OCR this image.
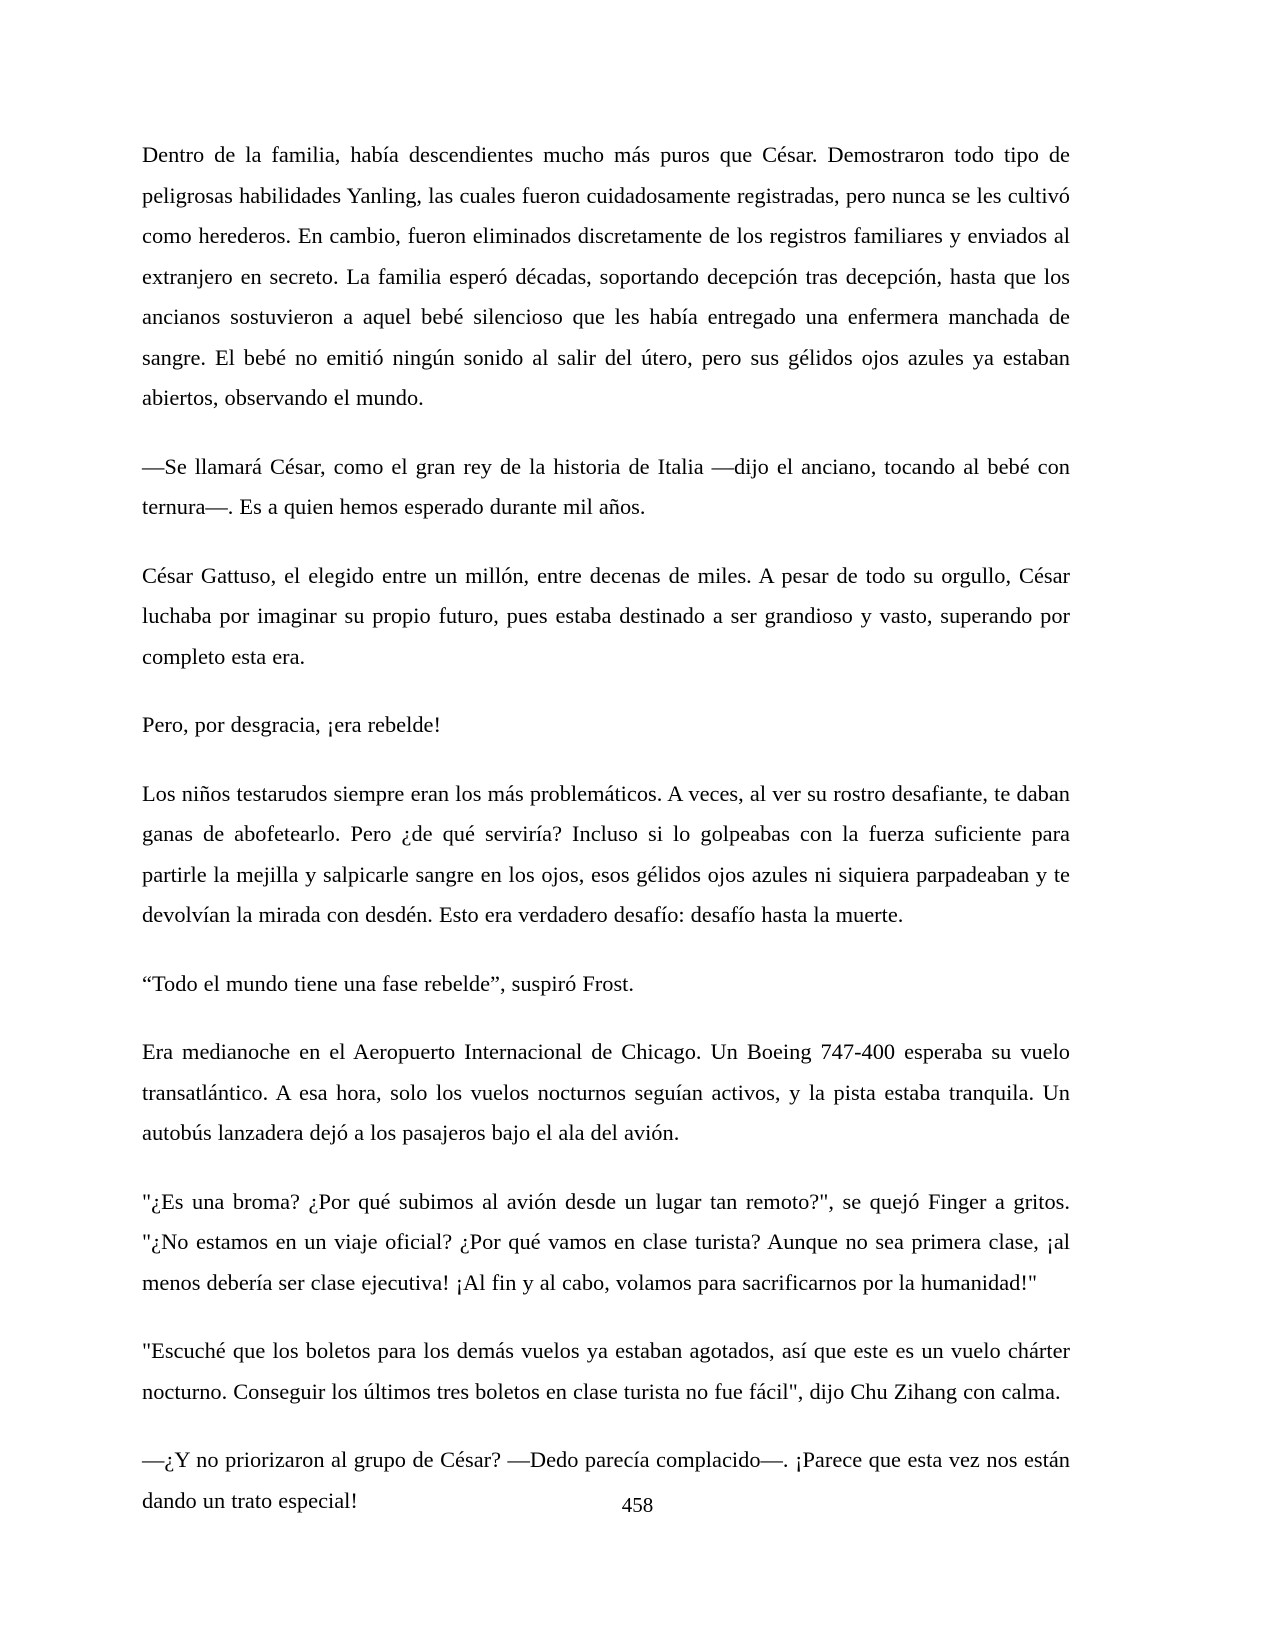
Dentro de la familia, había descendientes mucho más puros que César. Demostraron todo tipo de peligrosas habilidades Yanling, las cuales fueron cuidadosamente registradas, pero nunca se les cultivó como herederos. En cambio, fueron eliminados discretamente de los registros familiares y enviados al extranjero en secreto. La familia esperó décadas, soportando decepción tras decepción, hasta que los ancianos sostuvieron a aquel bebé silencioso que les había entregado una enfermera manchada de sangre. El bebé no emitió ningún sonido al salir del útero, pero sus gélidos ojos azules ya estaban abiertos, observando el mundo.

—Se llamará César, como el gran rey de la historia de Italia —dijo el anciano, tocando al bebé con ternura—. Es a quien hemos esperado durante mil años.

César Gattuso, el elegido entre un millón, entre decenas de miles. A pesar de todo su orgullo, César luchaba por imaginar su propio futuro, pues estaba destinado a ser grandioso y vasto, superando por completo esta era.

Pero, por desgracia, ¡era rebelde!

Los niños testarudos siempre eran los más problemáticos. A veces, al ver su rostro desafiante, te daban ganas de abofetearlo. Pero ¿de qué serviría? Incluso si lo golpeabas con la fuerza suficiente para partirle la mejilla y salpicarle sangre en los ojos, esos gélidos ojos azules ni siquiera parpadeaban y te devolvían la mirada con desdén. Esto era verdadero desafío: desafío hasta la muerte.

“Todo el mundo tiene una fase rebelde”, suspiró Frost.

Era medianoche en el Aeropuerto Internacional de Chicago. Un Boeing 747-400 esperaba su vuelo transatlántico. A esa hora, solo los vuelos nocturnos seguían activos, y la pista estaba tranquila. Un autobús lanzadera dejó a los pasajeros bajo el ala del avión.

"¿Es una broma? ¿Por qué subimos al avión desde un lugar tan remoto?", se quejó Finger a gritos. "¿No estamos en un viaje oficial? ¿Por qué vamos en clase turista? Aunque no sea primera clase, ¡al menos debería ser clase ejecutiva! ¡Al fin y al cabo, volamos para sacrificarnos por la humanidad!"

"Escuché que los boletos para los demás vuelos ya estaban agotados, así que este es un vuelo chárter nocturno. Conseguir los últimos tres boletos en clase turista no fue fácil", dijo Chu Zihang con calma.

—¿Y no priorizaron al grupo de César? —Dedo parecía complacido—. ¡Parece que esta vez nos están dando un trato especial!	458
